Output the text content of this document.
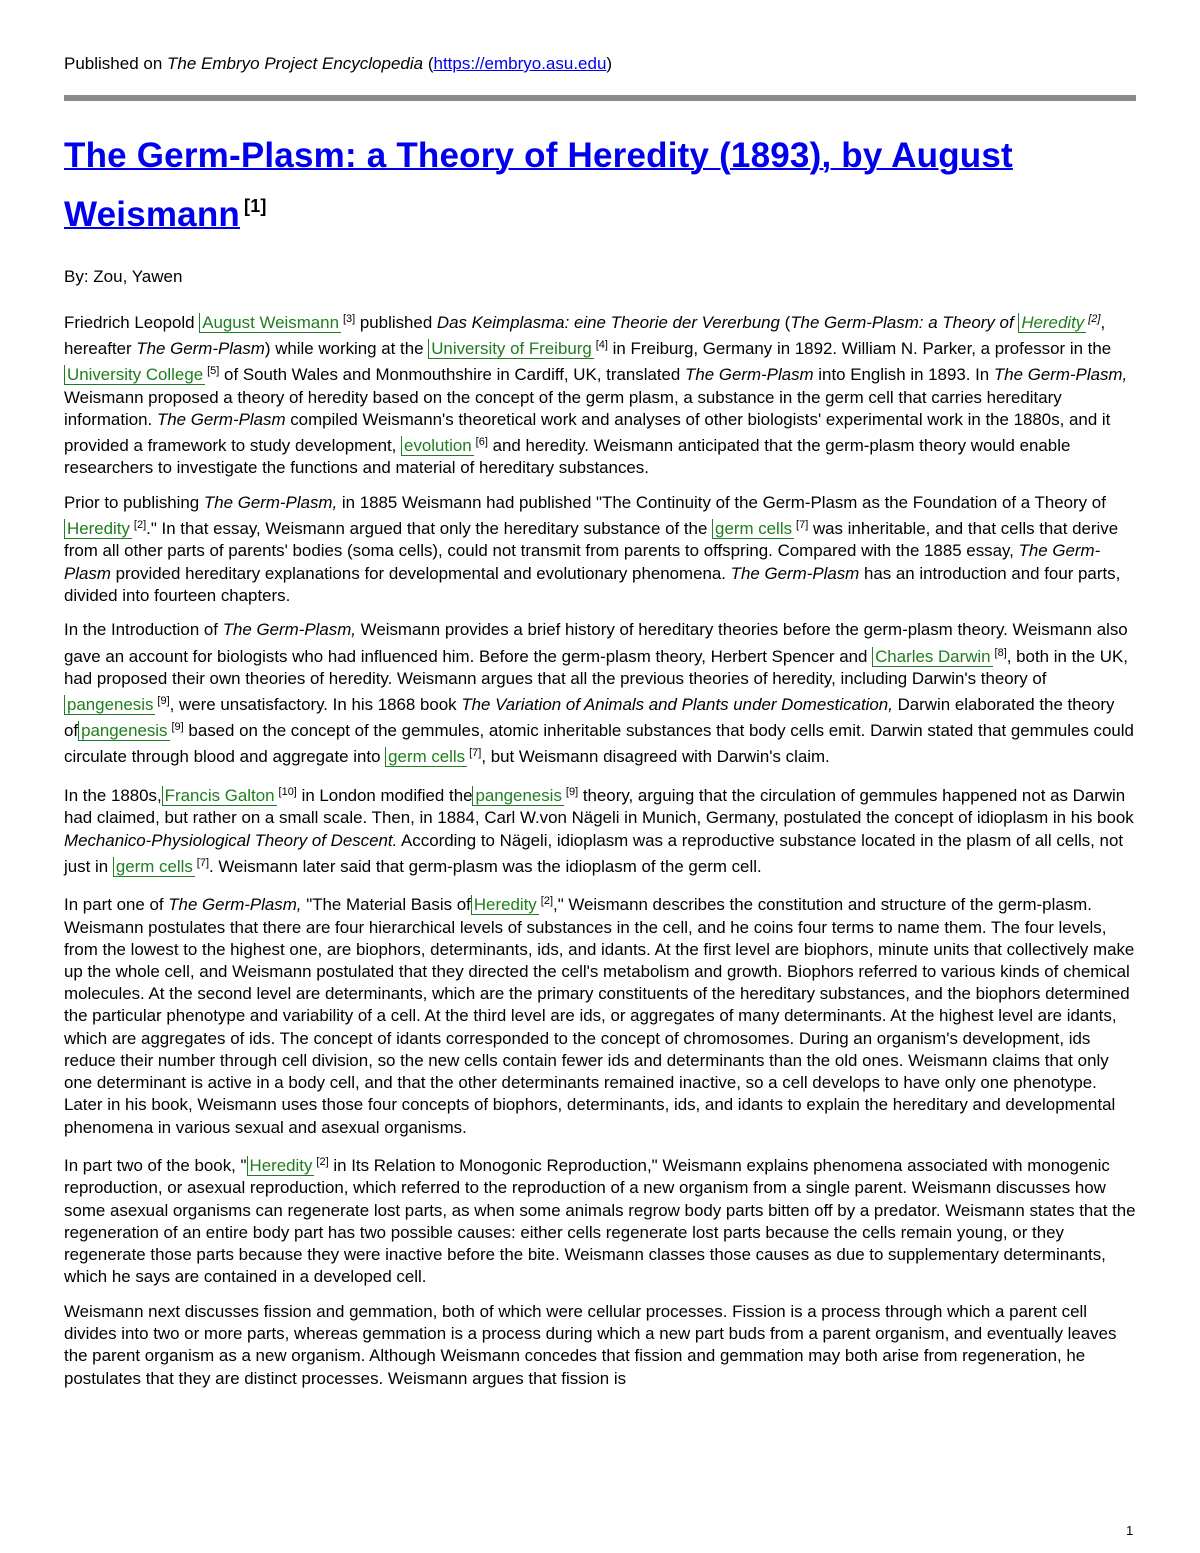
Published on The Embryo Project Encyclopedia (https://embryo.asu.edu)
The Germ-Plasm: a Theory of Heredity (1893), by August Weismann [1]
By: Zou, Yawen

Friedrich Leopold August Weismann [3] published Das Keimplasma: eine Theorie der Vererbung (The Germ-Plasm: a Theory of Heredity [2], hereafter The Germ-Plasm) while working at the University of Freiburg [4] in Freiburg, Germany in 1892. William N. Parker, a professor in the University College [5] of South Wales and Monmouthshire in Cardiff, UK, translated The Germ-Plasm into English in 1893. In The Germ-Plasm, Weismann proposed a theory of heredity based on the concept of the germ plasm, a substance in the germ cell that carries hereditary information. The Germ-Plasm compiled Weismann's theoretical work and analyses of other biologists' experimental work in the 1880s, and it provided a framework to study development, evolution [6] and heredity. Weismann anticipated that the germ-plasm theory would enable researchers to investigate the functions and material of hereditary substances.

Prior to publishing The Germ-Plasm, in 1885 Weismann had published "The Continuity of the Germ-Plasm as the Foundation of a Theory of Heredity [2]." In that essay, Weismann argued that only the hereditary substance of the germ cells [7] was inheritable, and that cells that derive from all other parts of parents' bodies (soma cells), could not transmit from parents to offspring. Compared with the 1885 essay, The Germ-Plasm provided hereditary explanations for developmental and evolutionary phenomena. The Germ-Plasm has an introduction and four parts, divided into fourteen chapters.

In the Introduction of The Germ-Plasm, Weismann provides a brief history of hereditary theories before the germ-plasm theory. Weismann also gave an account for biologists who had influenced him. Before the germ-plasm theory, Herbert Spencer and Charles Darwin [8], both in the UK, had proposed their own theories of heredity. Weismann argues that all the previous theories of heredity, including Darwin's theory of pangenesis [9], were unsatisfactory. In his 1868 book The Variation of Animals and Plants under Domestication, Darwin elaborated the theory of pangenesis [9] based on the concept of the gemmules, atomic inheritable substances that body cells emit. Darwin stated that gemmules could circulate through blood and aggregate into germ cells [7], but Weismann disagreed with Darwin's claim.

In the 1880s, Francis Galton [10] in London modified the pangenesis [9] theory, arguing that the circulation of gemmules happened not as Darwin had claimed, but rather on a small scale. Then, in 1884, Carl W.von Nägeli in Munich, Germany, postulated the concept of idioplasm in his book Mechanico-Physiological Theory of Descent. According to Nägeli, idioplasm was a reproductive substance located in the plasm of all cells, not just in germ cells [7]. Weismann later said that germ-plasm was the idioplasm of the germ cell.

In part one of The Germ-Plasm, "The Material Basis of Heredity [2]," Weismann describes the constitution and structure of the germ-plasm. Weismann postulates that there are four hierarchical levels of substances in the cell, and he coins four terms to name them. The four levels, from the lowest to the highest one, are biophors, determinants, ids, and idants. At the first level are biophors, minute units that collectively make up the whole cell, and Weismann postulated that they directed the cell's metabolism and growth. Biophors referred to various kinds of chemical molecules. At the second level are determinants, which are the primary constituents of the hereditary substances, and the biophors determined the particular phenotype and variability of a cell. At the third level are ids, or aggregates of many determinants. At the highest level are idants, which are aggregates of ids. The concept of idants corresponded to the concept of chromosomes. During an organism's development, ids reduce their number through cell division, so the new cells contain fewer ids and determinants than the old ones. Weismann claims that only one determinant is active in a body cell, and that the other determinants remained inactive, so a cell develops to have only one phenotype. Later in his book, Weismann uses those four concepts of biophors, determinants, ids, and idants to explain the hereditary and developmental phenomena in various sexual and asexual organisms.

In part two of the book, " Heredity [2] in Its Relation to Monogonic Reproduction," Weismann explains phenomena associated with monogenic reproduction, or asexual reproduction, which referred to the reproduction of a new organism from a single parent. Weismann discusses how some asexual organisms can regenerate lost parts, as when some animals regrow body parts bitten off by a predator. Weismann states that the regeneration of an entire body part has two possible causes: either cells regenerate lost parts because the cells remain young, or they regenerate those parts because they were inactive before the bite. Weismann classes those causes as due to supplementary determinants, which he says are contained in a developed cell.

Weismann next discusses fission and gemmation, both of which were cellular processes. Fission is a process through which a parent cell divides into two or more parts, whereas gemmation is a process during which a new part buds from a parent organism, and eventually leaves the parent organism as a new organism. Although Weismann concedes that fission and gemmation may both arise from regeneration, he postulates that they are distinct processes. Weismann argues that fission is

1
